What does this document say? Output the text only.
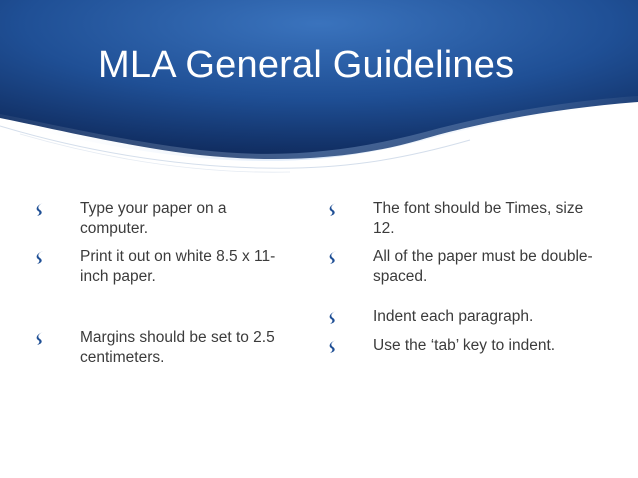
MLA General Guidelines
Type your paper on a computer.
Print it out on white 8.5 x 11-inch paper.
Margins should be set to 2.5 centimeters.
The font should be Times, size 12.
All of the paper must be double-spaced.
Indent each paragraph.
Use the ‘tab’ key to indent.
